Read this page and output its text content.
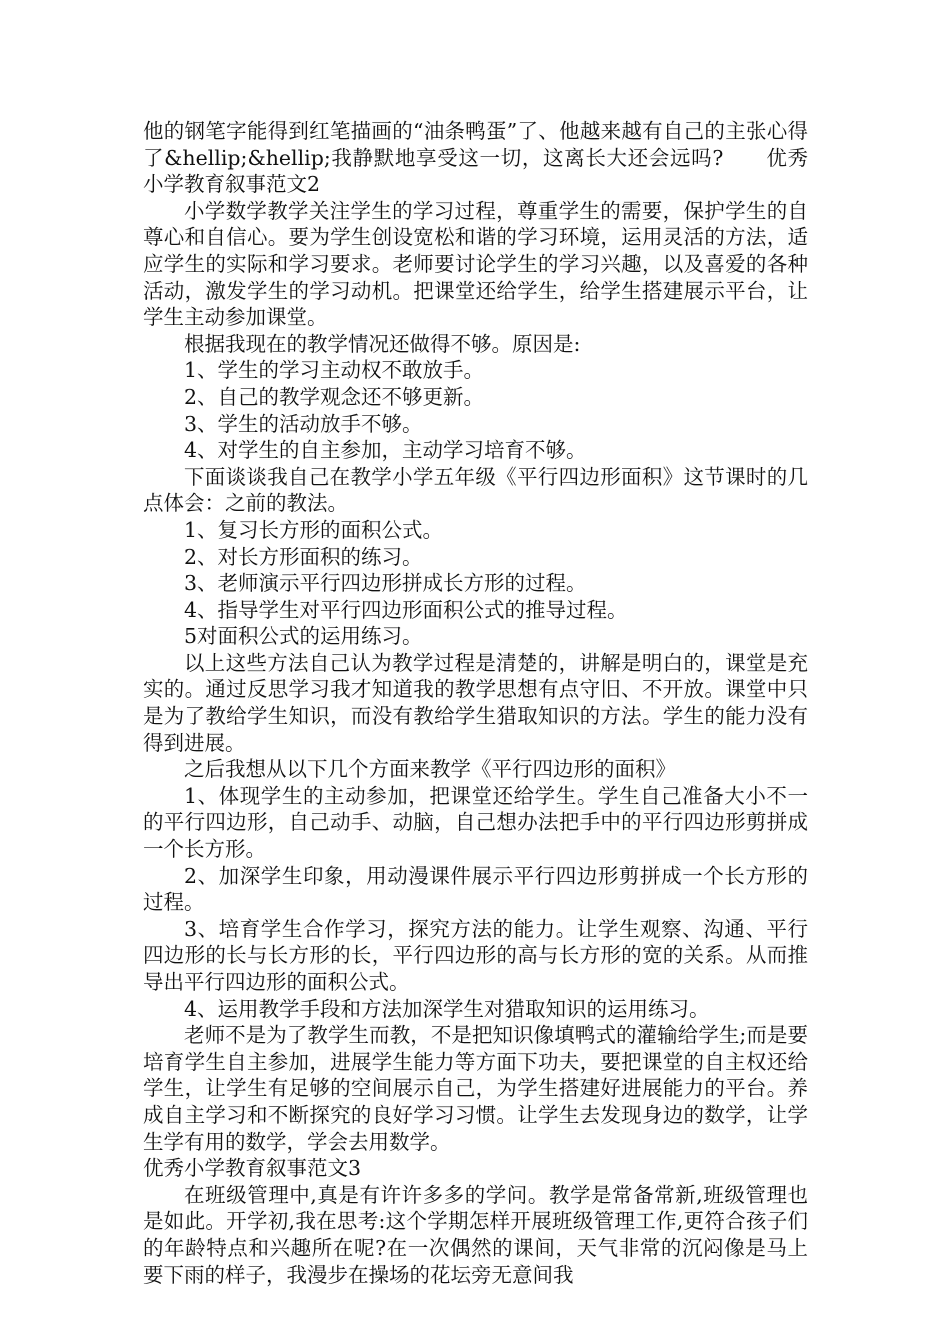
他的钢笔字能得到红笔描画的“油条鸭蛋”了、他越来越有自己的主张心得了&hellip;&hellip;我静默地享受这一切，这离长大还会远吗?　　优秀小学教育叙事范文2

小学数学教学关注学生的学习过程，尊重学生的需要，保护学生的自尊心和自信心。要为学生创设宽松和谐的学习环境，运用灵活的方法，适应学生的实际和学习要求。老师要讨论学生的学习兴趣，以及喜爱的各种活动，激发学生的学习动机。把课堂还给学生，给学生搭建展示平台，让学生主动参加课堂。

根据我现在的教学情况还做得不够。原因是:

1、学生的学习主动权不敢放手。

2、自己的教学观念还不够更新。

3、学生的活动放手不够。

4、对学生的自主参加，主动学习培育不够。

下面谈谈我自己在教学小学五年级《平行四边形面积》这节课时的几点体会：之前的教法。

1、复习长方形的面积公式。

2、对长方形面积的练习。

3、老师演示平行四边形拼成长方形的过程。

4、指导学生对平行四边形面积公式的推导过程。

5对面积公式的运用练习。

以上这些方法自己认为教学过程是清楚的，讲解是明白的，课堂是充实的。通过反思学习我才知道我的教学思想有点守旧、不开放。课堂中只是为了教给学生知识，而没有教给学生猎取知识的方法。学生的能力没有得到进展。

之后我想从以下几个方面来教学《平行四边形的面积》

1、体现学生的主动参加，把课堂还给学生。学生自己准备大小不一的平行四边形，自己动手、动脑，自己想办法把手中的平行四边形剪拼成一个长方形。

2、加深学生印象，用动漫课件展示平行四边形剪拼成一个长方形的过程。

3、培育学生合作学习，探究方法的能力。让学生观察、沟通、平行四边形的长与长方形的长，平行四边形的高与长方形的宽的关系。从而推导出平行四边形的面积公式。

4、运用教学手段和方法加深学生对猎取知识的运用练习。

老师不是为了教学生而教，不是把知识像填鸭式的灌输给学生;而是要培育学生自主参加，进展学生能力等方面下功夫，要把课堂的自主权还给学生，让学生有足够的空间展示自己，为学生搭建好进展能力的平台。养成自主学习和不断探究的良好学习习惯。让学生去发现身边的数学，让学生学有用的数学，学会去用数学。

优秀小学教育叙事范文3

在班级管理中,真是有许许多多的学问。教学是常备常新,班级管理也是如此。开学初,我在思考:这个学期怎样开展班级管理工作,更符合孩子们的年龄特点和兴趣所在呢?在一次偶然的课间，天气非常的沉闷像是马上要下雨的样子，我漫步在操场的花坛旁无意间我
